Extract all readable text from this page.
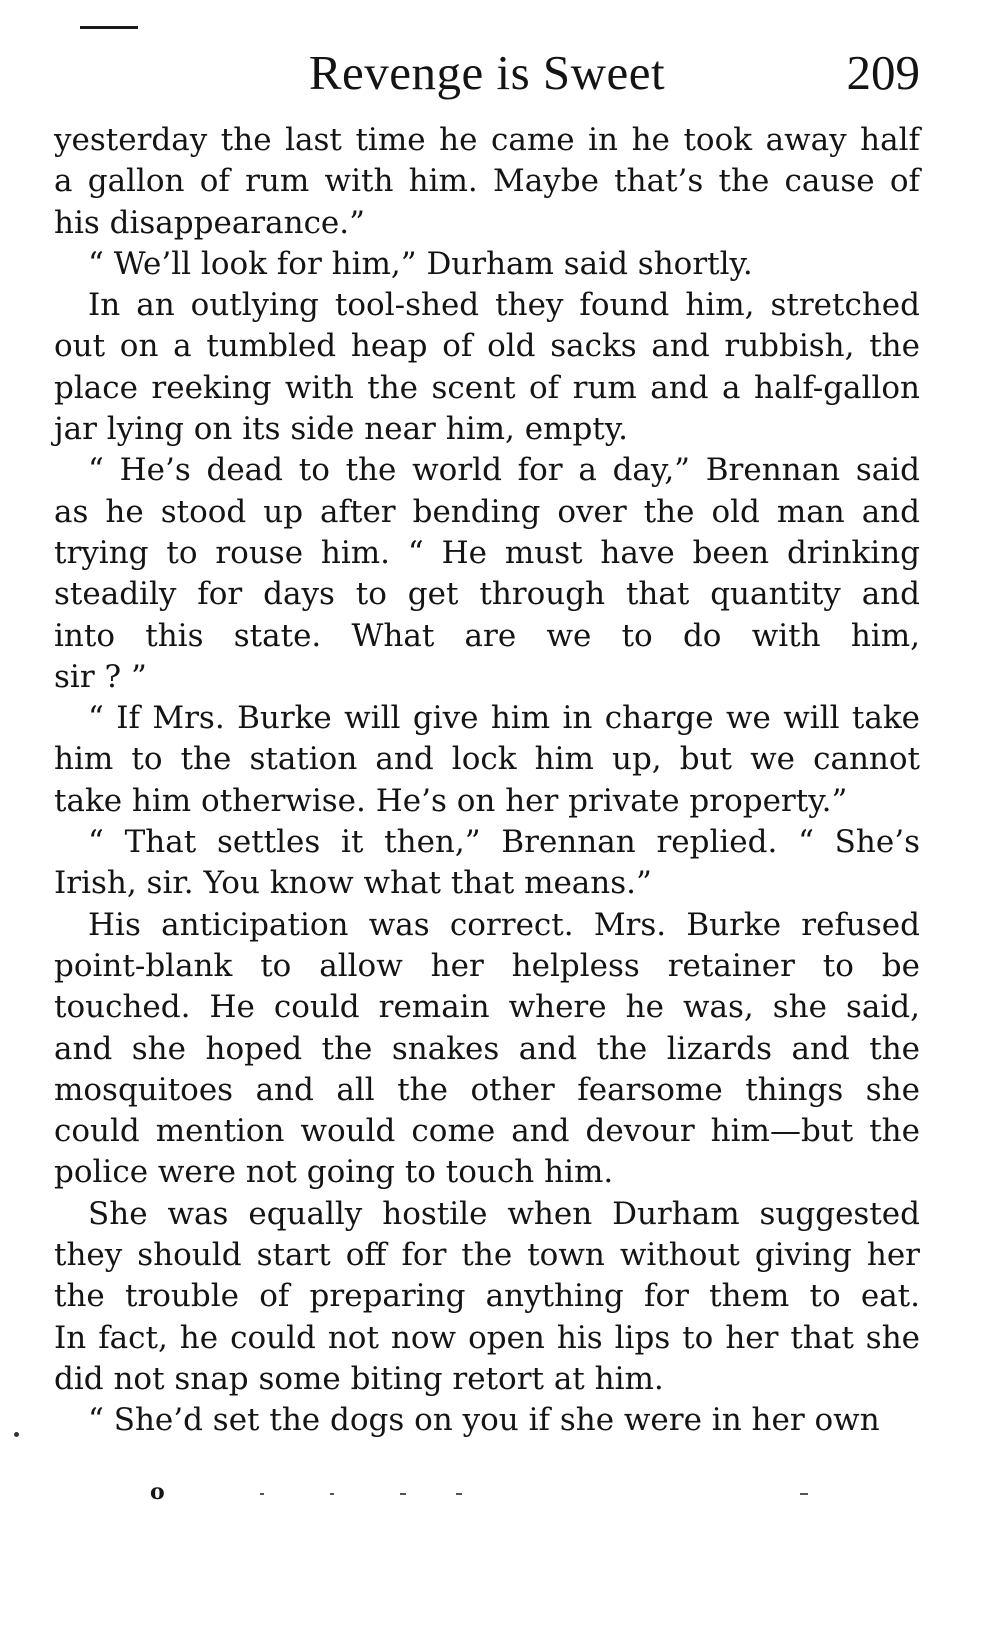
Revenge is Sweet	209
yesterday the last time he came in he took away half
a gallon of rum with him. Maybe that’s the cause of
his disappearance.”
“ We’ll look for him,” Durham said shortly.
In an outlying tool-shed they found him, stretched
out on a tumbled heap of old sacks and rubbish, the
place reeking with the scent of rum and a half-gallon
jar lying on its side near him, empty.
“ He’s dead to the world for a day,” Brennan said
as he stood up after bending over the old man and
trying to rouse him. “ He must have been drinking
steadily for days to get through that quantity and
into this state. What are we to do with him,
sir ? ”
“ If Mrs. Burke will give him in charge we will take
him to the station and lock him up, but we cannot
take him otherwise. He’s on her private property.”
“ That settles it then,” Brennan replied. “ She’s
Irish, sir. You know what that means.”
His anticipation was correct. Mrs. Burke refused
point-blank to allow her helpless retainer to be
touched. He could remain where he was, she said,
and she hoped the snakes and the lizards and the
mosquitoes and all the other fearsome things she
could mention would come and devour him—but the
police were not going to touch him.
She was equally hostile when Durham suggested
they should start off for the town without giving her
the trouble of preparing anything for them to eat.
In fact, he could not now open his lips to her that she
did not snap some biting retort at him.
“ She’d set the dogs on you if she were in her own
o
